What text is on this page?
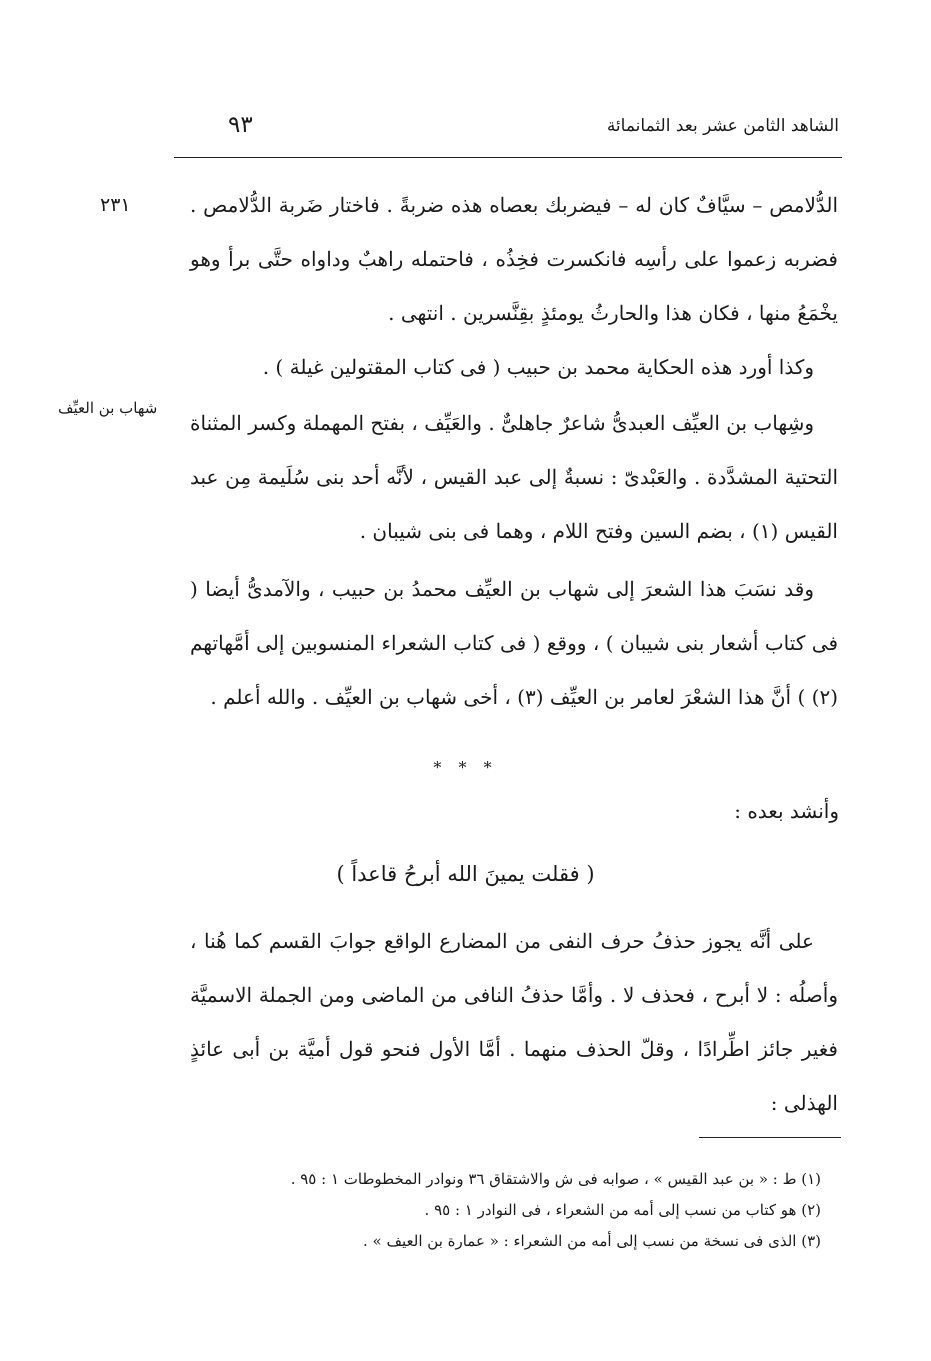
الشاهد الثامن عشر بعد الثمانمائة
٩٣
٢٣١
شهاب بن العيِّف

الدُّلامص – سيَّافٌ كان له – فيضربك بعصاه هذه ضربةً . فاختار ضَربة الدُّلامص . فضربه زعموا على رأسِه فانكسرت فخِذُه ، فاحتمله راهبٌ وداواه حتَّى برأ وهو يخْمَعُ منها ، فكان هذا والحارثُ يومئذٍ بقِنَّسرين . انتهى .

وكذا أورد هذه الحكاية محمد بن حبيب ( فى كتاب المقتولين غيلة ) .

وشِهاب بن العيِّف العبدىُّ شاعرٌ جاهلىٌّ . والعَيِّف ، بفتح المهملة وكسر المثناة التحتية المشدَّدة . والعَبْدىّ : نسبةٌ إلى عبد القيس ، لأنَّه أحد بنى سُلَيمة مِن عبد القيس (١) ، بضم السين وفتح اللام ، وهما فى بنى شيبان .

وقد نسَبَ هذا الشعرَ إلى شهاب بن العيِّف محمدُ بن حبيب ، والآمدىُّ أيضا ( فى كتاب أشعار بنى شيبان ) ، ووقع ( فى كتاب الشعراء المنسوبين إلى أمَّهاتهم (٢) ) أنَّ هذا الشعْرَ لعامر بن العيِّف (٣) ، أخى شهاب بن العيِّف . والله أعلم .

* * *
وأنشد بعده :
( فقلت يمينَ الله أبرحُ قاعداً )

على أنَّه يجوز حذفُ حرف النفى من المضارع الواقع جوابَ القسم كما هُنا ، وأصلُه : لا أبرح ، فحذف لا . وأمَّا حذفُ النافى من الماضى ومن الجملة الاسميَّة فغير جائز اطِّرادًا ، وقلّ الحذف منهما . أمَّا الأول فنحو قول أميَّة بن أبى عائذٍ الهذلى :

(١) ط : « بن عبد القيس » ، صوابه فى ش والاشتقاق ٣٦ ونوادر المخطوطات ١ : ٩٥ .
(٢) هو كتاب من نسب إلى أمه من الشعراء ، فى النوادر ١ : ٩٥ .
(٣) الذى فى نسخة من نسب إلى أمه من الشعراء : « عمارة بن العيف » .
